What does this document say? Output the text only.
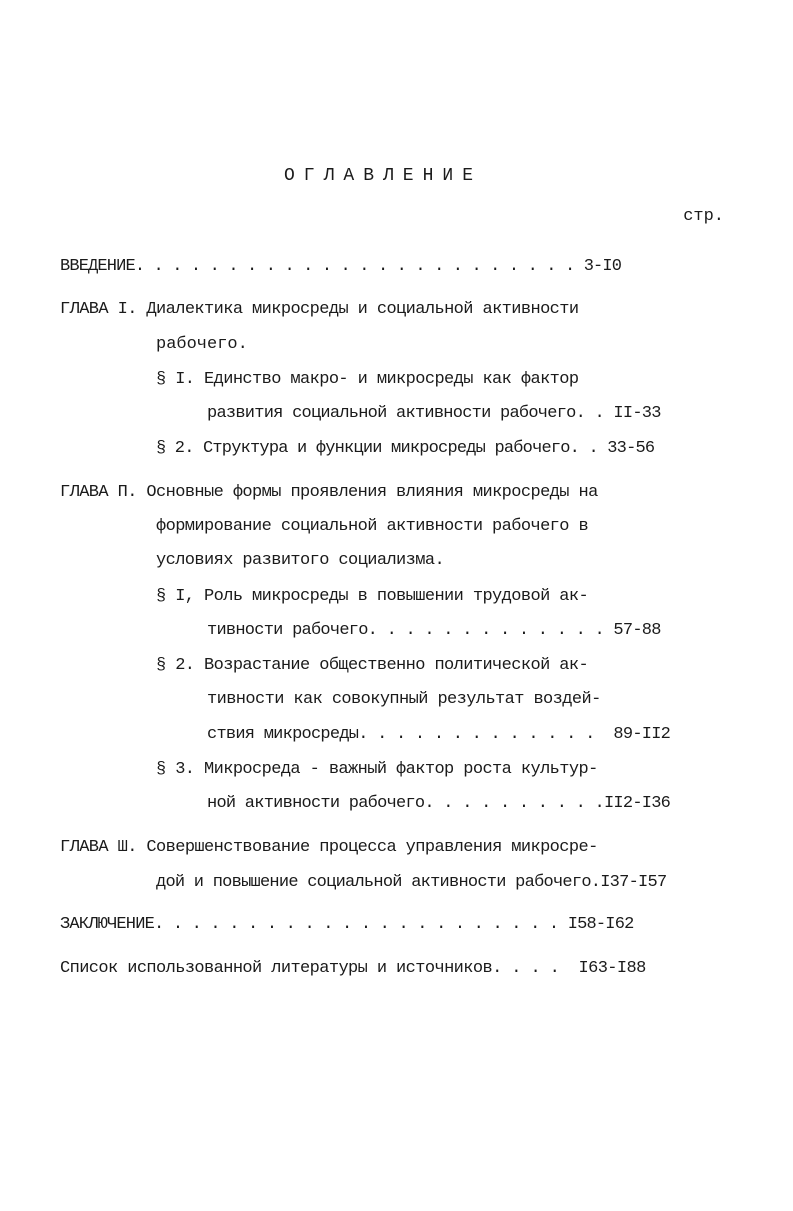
ОГЛАВЛЕНИЕ
стр.
ВВЕДЕНИЕ. . . . . . . . . . . . . . . . . . . . . . . . 3-I0
ГЛАВА I. Диалектика микросреды и социальной активности
рабочего.
§ I. Единство макро- и микросреды как фактор
развития социальной активности рабочего. . II-33
§ 2. Структура и функции микросреды рабочего. . 33-56
ГЛАВА П. Основные формы проявления влияния микросреды на
формирование социальной активности рабочего в
условиях развитого социализма.
§ I, Роль микросреды в повышении трудовой ак-
тивности рабочего. . . . . . . . . . . . . 57-88
§ 2. Возрастание общественно политической ак-
тивности как совокупный результат воздей-
ствия микросреды. . . . . . . . . . . . .  89-II2
§ 3. Микросреда - важный фактор роста культур-
ной активности рабочего. . . . . . . . . .II2-I36
ГЛАВА Ш. Совершенствование процесса управления микросре-
дой и повышение социальной активности рабочего.I37-I57
ЗАКЛЮЧЕНИЕ. . . . . . . . . . . . . . . . . . . . . . I58-I62
Список использованной литературы и источников. . . .  I63-I88
